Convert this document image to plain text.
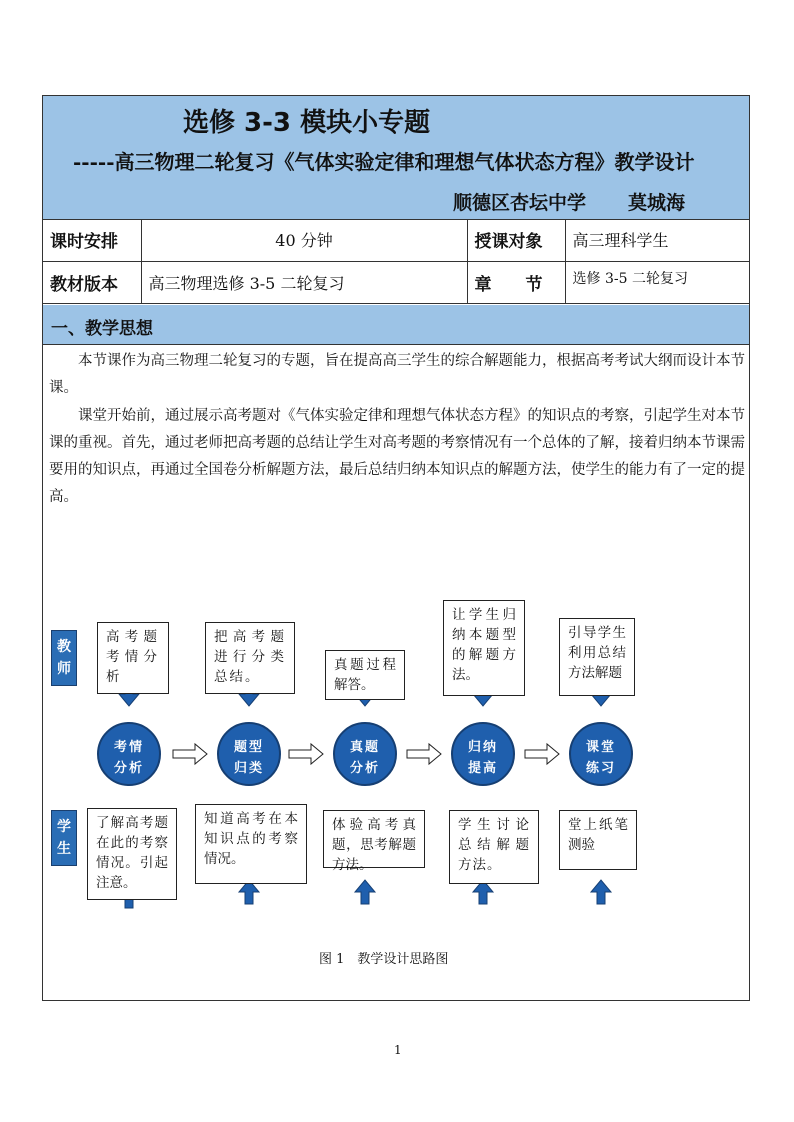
选修 3-3 模块小专题
-----高三物理二轮复习《气体实验定律和理想气体状态方程》教学设计
顺德区杏坛中学 莫城海
课时安排	40 分钟	授课对象	高三理科学生
教材版本	高三物理选修 3-5 二轮复习	章　　节	选修 3-5 二轮复习
一、教学思想
本节课作为高三物理二轮复习的专题，旨在提高高三学生的综合解题能力，根据高考考试大纲而设计本节课。
课堂开始前，通过展示高考题对《气体实验定律和理想气体状态方程》的知识点的考察，引起学生对本节课的重视。首先，通过老师把高考题的总结让学生对高考题的考察情况有一个总体的了解，接着归纳本节课需要用的知识点，再通过全国卷分析解题方法，最后总结归纳本知识点的解题方法，使学生的能力有了一定的提高。
教师
学生
高考题考情分析
把高考题进行分类总结。
真题过程解答。
让学生归纳本题型的解题方法。
引导学生利用总结方法解题
考情
分析
题型
归类
真题
分析
归纳
提高
课堂
练习
了解高考题在此的考察情况。引起注意。
知道高考在本知识点的考察情况。
体验高考真题，思考解题方法。
学生讨论总结解题方法。
堂上纸笔测验
图 1　教学设计思路图
1
